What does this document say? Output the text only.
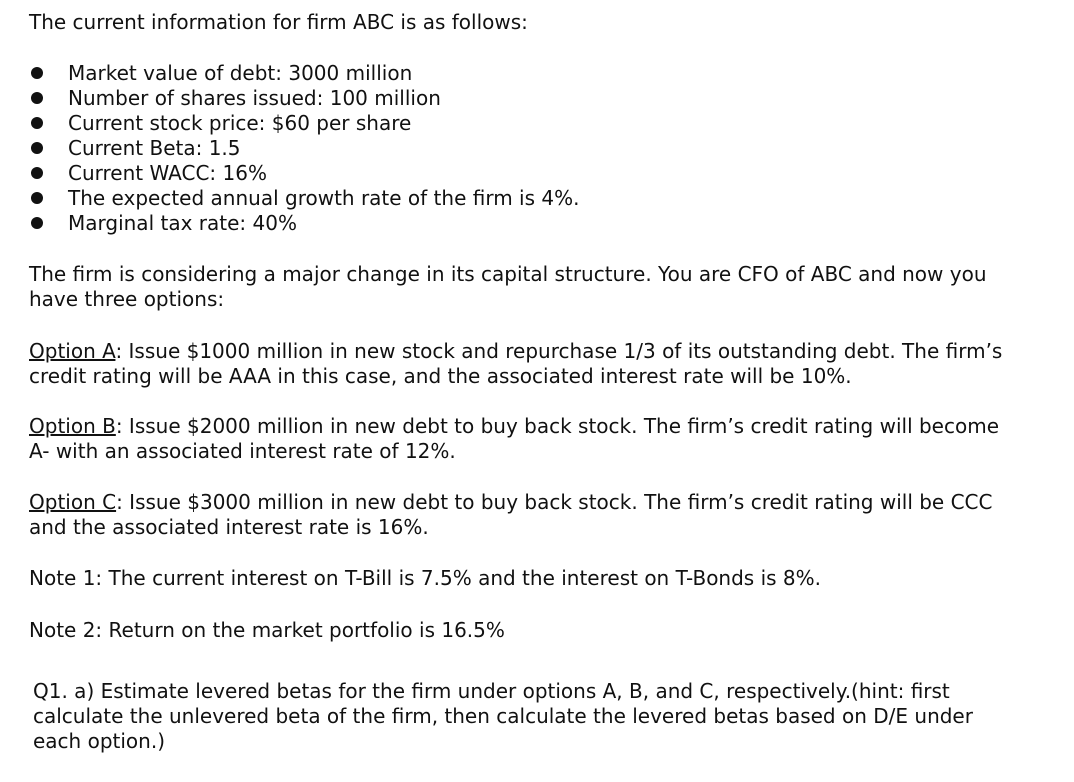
The current information for firm ABC is as follows:

Market value of debt: 3000 million
Number of shares issued: 100 million
Current stock price: $60 per share
Current Beta: 1.5
Current WACC: 16%
The expected annual growth rate of the firm is 4%.
Marginal tax rate: 40%

The firm is considering a major change in its capital structure. You are CFO of ABC and now you have three options:

Option A: Issue $1000 million in new stock and repurchase 1/3 of its outstanding debt. The firm’s credit rating will be AAA in this case, and the associated interest rate will be 10%.

Option B: Issue $2000 million in new debt to buy back stock. The firm’s credit rating will become A- with an associated interest rate of 12%.

Option C: Issue $3000 million in new debt to buy back stock. The firm’s credit rating will be CCC and the associated interest rate is 16%.

Note 1: The current interest on T-Bill is 7.5% and the interest on T-Bonds is 8%.

Note 2: Return on the market portfolio is 16.5%

Q1. a) Estimate levered betas for the firm under options A, B, and C, respectively.(hint: first calculate the unlevered beta of the firm, then calculate the levered betas based on D/E under each option.)
